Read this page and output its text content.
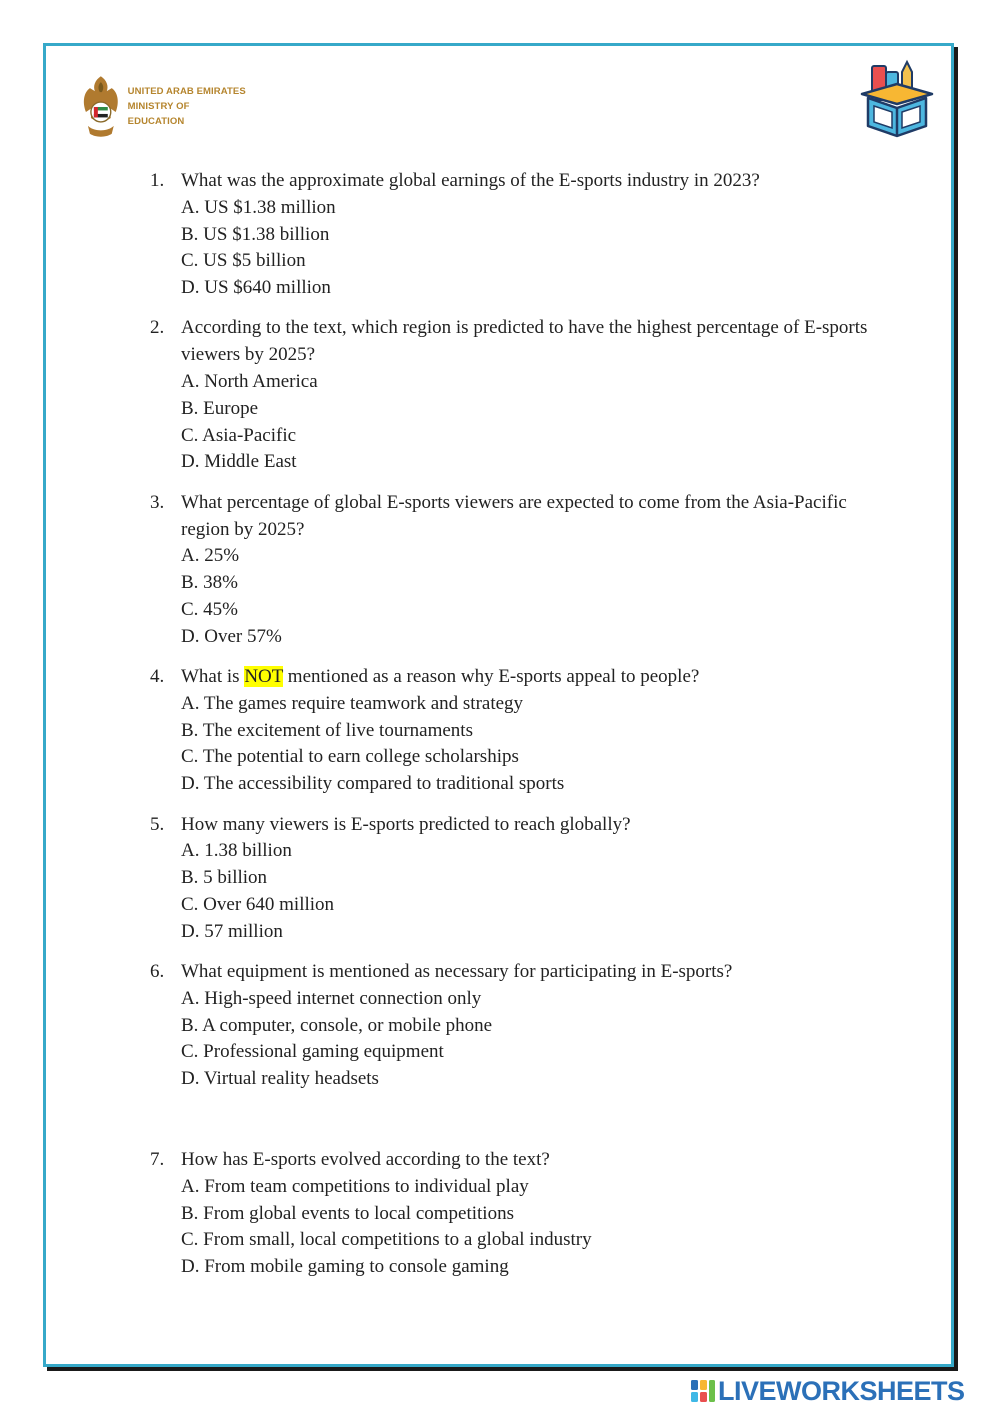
UNITED ARAB EMIRATES
MINISTRY OF EDUCATION
1. What was the approximate global earnings of the E-sports industry in 2023?
A. US $1.38 million
B. US $1.38 billion
C. US $5 billion
D. US $640 million
2. According to the text, which region is predicted to have the highest percentage of E-sports viewers by 2025?
A. North America
B. Europe
C. Asia-Pacific
D. Middle East
3. What percentage of global E-sports viewers are expected to come from the Asia-Pacific region by 2025?
A. 25%
B. 38%
C. 45%
D. Over 57%
4. What is NOT mentioned as a reason why E-sports appeal to people?
A. The games require teamwork and strategy
B. The excitement of live tournaments
C. The potential to earn college scholarships
D. The accessibility compared to traditional sports
5. How many viewers is E-sports predicted to reach globally?
A. 1.38 billion
B. 5 billion
C. Over 640 million
D. 57 million
6. What equipment is mentioned as necessary for participating in E-sports?
A. High-speed internet connection only
B. A computer, console, or mobile phone
C. Professional gaming equipment
D. Virtual reality headsets
7. How has E-sports evolved according to the text?
A. From team competitions to individual play
B. From global events to local competitions
C. From small, local competitions to a global industry
D. From mobile gaming to console gaming
LIVEWORKSHEETS
